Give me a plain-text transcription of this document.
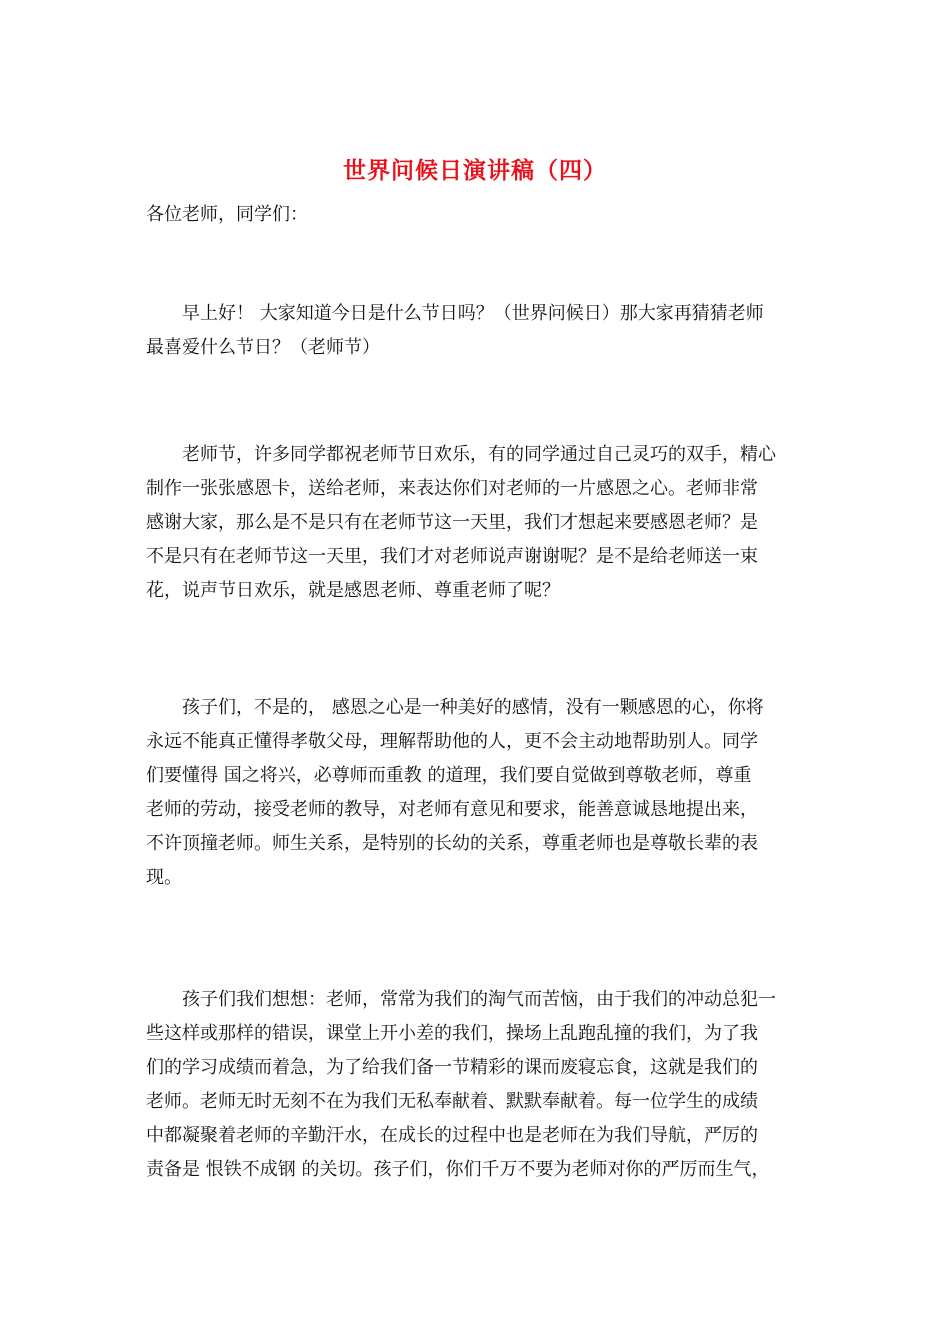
世界问候日演讲稿（四）
各位老师，同学们：
　　早上好！ 大家知道今日是什么节日吗？（世界问候日）那大家再猜猜老师
最喜爱什么节日？（老师节）
　　老师节，许多同学都祝老师节日欢乐，有的同学通过自己灵巧的双手，精心
制作一张张感恩卡，送给老师，来表达你们对老师的一片感恩之心。老师非常
感谢大家，那么是不是只有在老师节这一天里，我们才想起来要感恩老师？是
不是只有在老师节这一天里，我们才对老师说声谢谢呢？是不是给老师送一束
花，说声节日欢乐，就是感恩老师、尊重老师了呢？
　　孩子们，不是的， 感恩之心是一种美好的感情，没有一颗感恩的心，你将
永远不能真正懂得孝敬父母，理解帮助他的人，更不会主动地帮助别人。同学
们要懂得 国之将兴，必尊师而重教 的道理，我们要自觉做到尊敬老师，尊重
老师的劳动，接受老师的教导，对老师有意见和要求，能善意诚恳地提出来，
不许顶撞老师。师生关系，是特别的长幼的关系，尊重老师也是尊敬长辈的表
现。
　　孩子们我们想想：老师，常常为我们的淘气而苦恼，由于我们的冲动总犯一
些这样或那样的错误，课堂上开小差的我们，操场上乱跑乱撞的我们，为了我
们的学习成绩而着急，为了给我们备一节精彩的课而废寝忘食，这就是我们的
老师。老师无时无刻不在为我们无私奉献着、默默奉献着。每一位学生的成绩
中都凝聚着老师的辛勤汗水，在成长的过程中也是老师在为我们导航，严厉的
责备是 恨铁不成钢 的关切。孩子们，你们千万不要为老师对你的严厉而生气，
